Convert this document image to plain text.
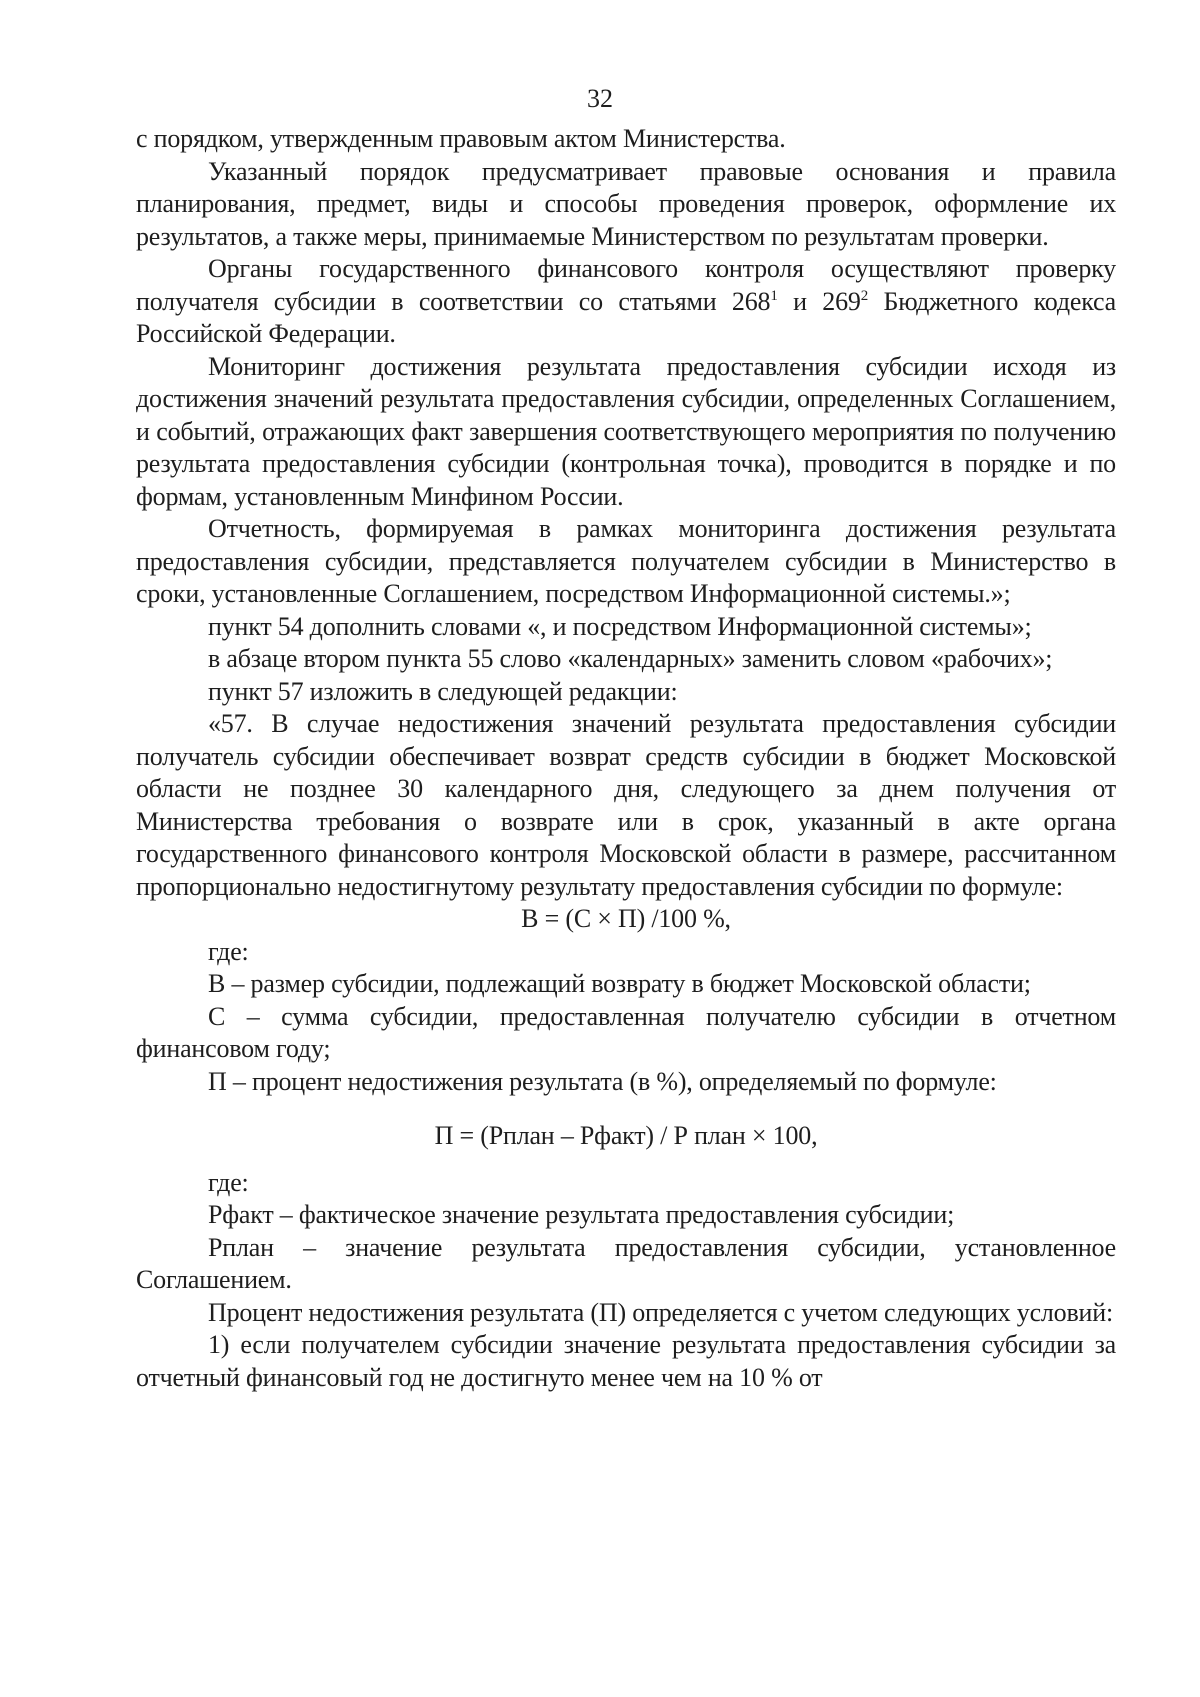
32

с порядком, утвержденным правовым актом Министерства.

Указанный порядок предусматривает правовые основания и правила планирования, предмет, виды и способы проведения проверок, оформление их результатов, а также меры, принимаемые Министерством по результатам проверки.

Органы государственного финансового контроля осуществляют проверку получателя субсидии в соответствии со статьями $268^1$ и $269^2$ Бюджетного кодекса Российской Федерации.

Мониторинг достижения результата предоставления субсидии исходя из достижения значений результата предоставления субсидии, определенных Соглашением, и событий, отражающих факт завершения соответствующего мероприятия по получению результата предоставления субсидии (контрольная точка), проводится в порядке и по формам, установленным Минфином России.

Отчетность, формируемая в рамках мониторинга достижения результата предоставления субсидии, представляется получателем субсидии в Министерство в сроки, установленные Соглашением, посредством Информационной системы.»;

пункт 54 дополнить словами «, и посредством Информационной системы»;

в абзаце втором пункта 55 слово «календарных» заменить словом «рабочих»;

пункт 57 изложить в следующей редакции:

«57. В случае недостижения значений результата предоставления субсидии получатель субсидии обеспечивает возврат средств субсидии в бюджет Московской области не позднее 30 календарного дня, следующего за днем получения от Министерства требования о возврате или в срок, указанный в акте органа государственного финансового контроля Московской области в размере, рассчитанном пропорционально недостигнутому результату предоставления субсидии по формуле:

В = (С × П) /100 %,

где:

В – размер субсидии, подлежащий возврату в бюджет Московской области;

С – сумма субсидии, предоставленная получателю субсидии в отчетном финансовом году;

П – процент недостижения результата (в %), определяемый по формуле:

П = (Рплан – Рфакт) / Р план × 100,

где:

Рфакт – фактическое значение результата предоставления субсидии;

Рплан – значение результата предоставления субсидии, установленное Соглашением.

Процент недостижения результата (П) определяется с учетом следующих условий:

1) если получателем субсидии значение результата предоставления субсидии за отчетный финансовый год не достигнуто менее чем на 10 % от
